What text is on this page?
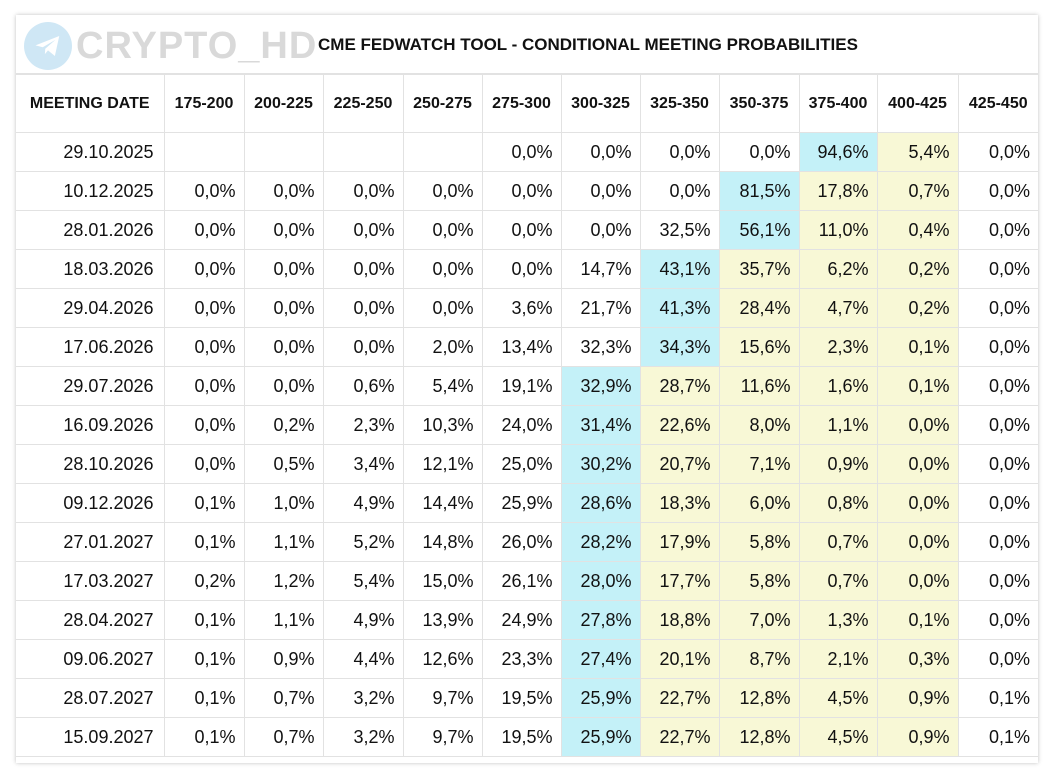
CRYPTO_HD CME FEDWATCH TOOL - CONDITIONAL MEETING PROBABILITIES
MEETING DATE	175-200	200-225	225-250	250-275	275-300	300-325	325-350	350-375	375-400	400-425	425-450
29.10.2025					0,0%	0,0%	0,0%	0,0%	94,6%	5,4%	0,0%
10.12.2025	0,0%	0,0%	0,0%	0,0%	0,0%	0,0%	0,0%	81,5%	17,8%	0,7%	0,0%
28.01.2026	0,0%	0,0%	0,0%	0,0%	0,0%	0,0%	32,5%	56,1%	11,0%	0,4%	0,0%
18.03.2026	0,0%	0,0%	0,0%	0,0%	0,0%	14,7%	43,1%	35,7%	6,2%	0,2%	0,0%
29.04.2026	0,0%	0,0%	0,0%	0,0%	3,6%	21,7%	41,3%	28,4%	4,7%	0,2%	0,0%
17.06.2026	0,0%	0,0%	0,0%	2,0%	13,4%	32,3%	34,3%	15,6%	2,3%	0,1%	0,0%
29.07.2026	0,0%	0,0%	0,6%	5,4%	19,1%	32,9%	28,7%	11,6%	1,6%	0,1%	0,0%
16.09.2026	0,0%	0,2%	2,3%	10,3%	24,0%	31,4%	22,6%	8,0%	1,1%	0,0%	0,0%
28.10.2026	0,0%	0,5%	3,4%	12,1%	25,0%	30,2%	20,7%	7,1%	0,9%	0,0%	0,0%
09.12.2026	0,1%	1,0%	4,9%	14,4%	25,9%	28,6%	18,3%	6,0%	0,8%	0,0%	0,0%
27.01.2027	0,1%	1,1%	5,2%	14,8%	26,0%	28,2%	17,9%	5,8%	0,7%	0,0%	0,0%
17.03.2027	0,2%	1,2%	5,4%	15,0%	26,1%	28,0%	17,7%	5,8%	0,7%	0,0%	0,0%
28.04.2027	0,1%	1,1%	4,9%	13,9%	24,9%	27,8%	18,8%	7,0%	1,3%	0,1%	0,0%
09.06.2027	0,1%	0,9%	4,4%	12,6%	23,3%	27,4%	20,1%	8,7%	2,1%	0,3%	0,0%
28.07.2027	0,1%	0,7%	3,2%	9,7%	19,5%	25,9%	22,7%	12,8%	4,5%	0,9%	0,1%
15.09.2027	0,1%	0,7%	3,2%	9,7%	19,5%	25,9%	22,7%	12,8%	4,5%	0,9%	0,1%
